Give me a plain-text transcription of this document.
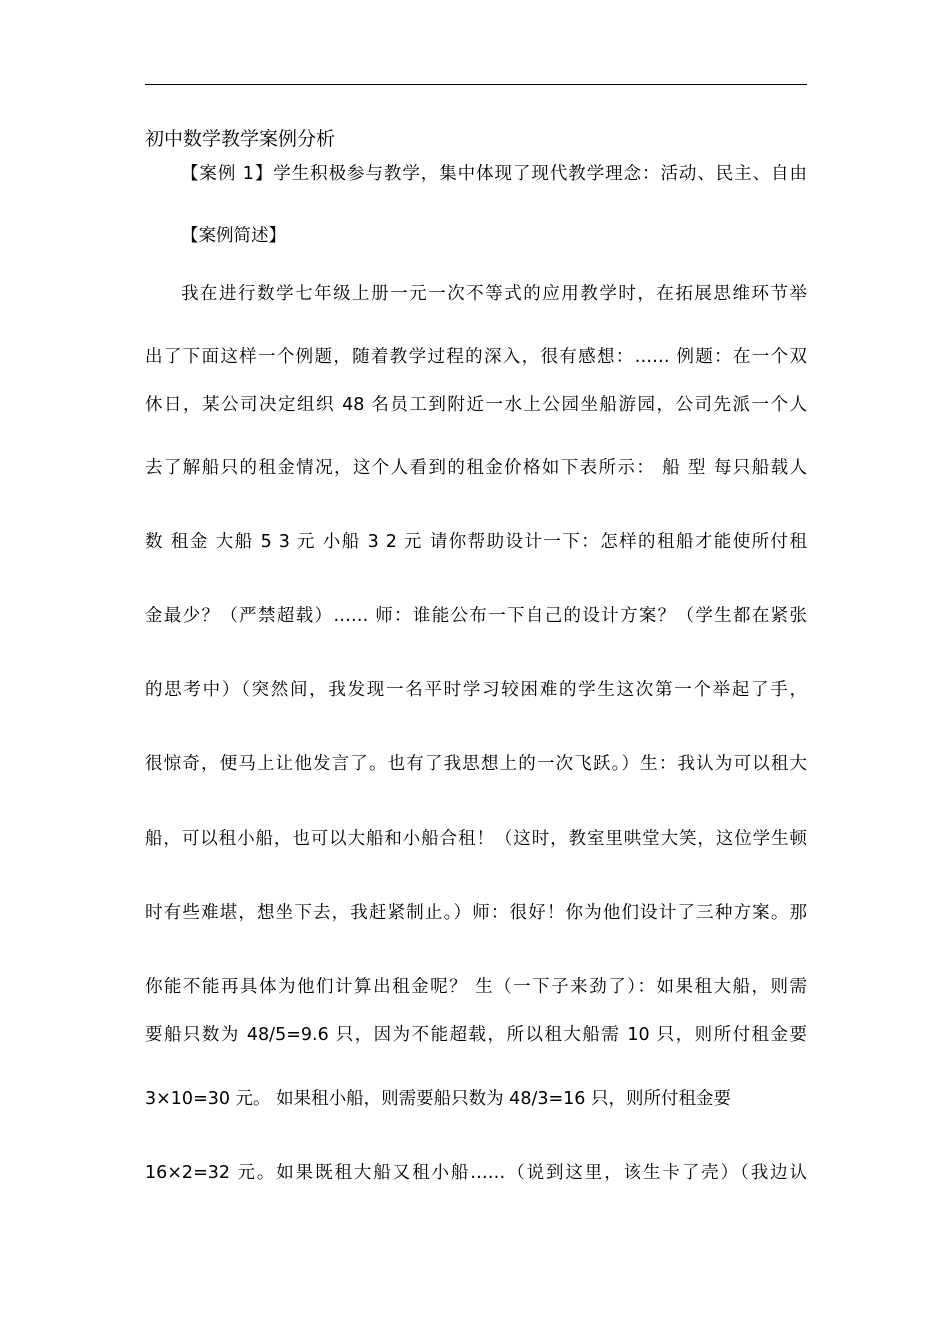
初中数学教学案例分析
【案例 1】学生积极参与教学，集中体现了现代教学理念：活动、民主、自由
【案例简述】
我在进行数学七年级上册一元一次不等式的应用教学时，在拓展思维环节举
出了下面这样一个例题，随着教学过程的深入，很有感想：…… 例题：在一个双
休日，某公司决定组织 48 名员工到附近一水上公园坐船游园，公司先派一个人
去了解船只的租金情况，这个人看到的租金价格如下表所示： 船 型 每只船载人
数 租金 大船 5 3 元 小船 3 2 元 请你帮助设计一下：怎样的租船才能使所付租
金最少？（严禁超载）…… 师：谁能公布一下自己的设计方案？（学生都在紧张
的思考中）（突然间，我发现一名平时学习较困难的学生这次第一个举起了手，
很惊奇，便马上让他发言了。也有了我思想上的一次飞跃。）生：我认为可以租大
船，可以租小船，也可以大船和小船合租！（这时，教室里哄堂大笑，这位学生顿
时有些难堪，想坐下去，我赶紧制止。）师：很好！你为他们设计了三种方案。那
你能不能再具体为他们计算出租金呢？ 生（一下子来劲了）：如果租大船，则需
要船只数为 48/5=9.6 只，因为不能超载，所以租大船需 10 只，则所付租金要
3×10=30 元。 如果租小船，则需要船只数为 48/3=16 只，则所付租金要
16×2=32 元。如果既租大船又租小船……（说到这里，该生卡了壳）（我边认
